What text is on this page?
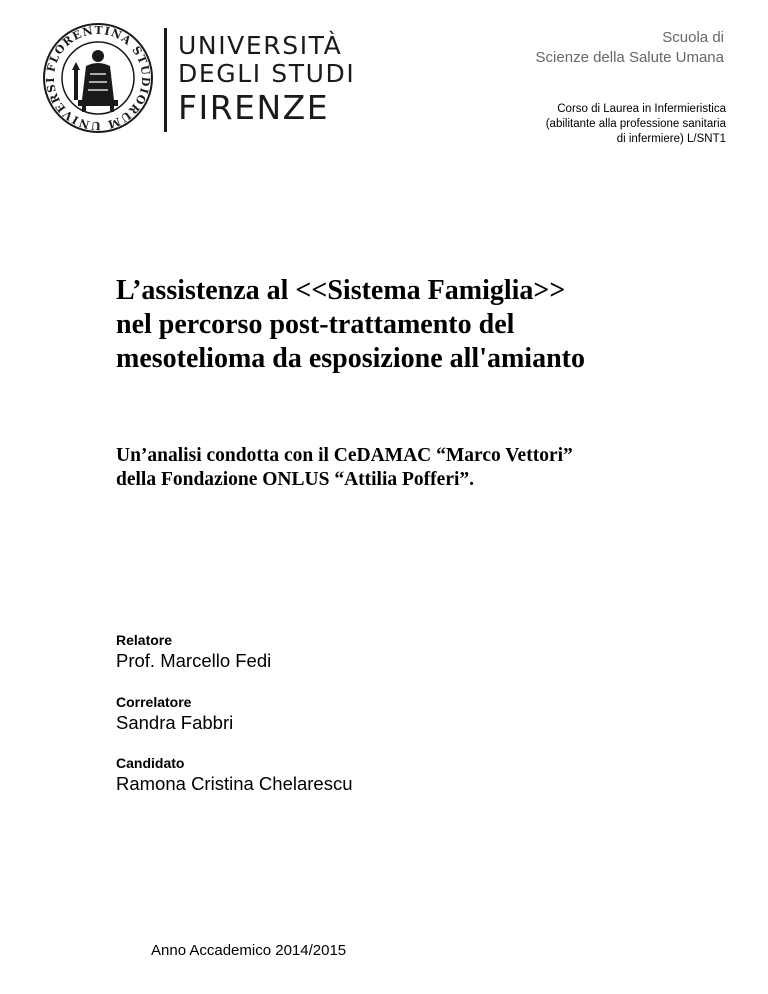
FLORENTINA STUDIORUM UNIVERSI
UNIVERSITÀ
DEGLI STUDI
FIRENZE
Scuola di
Scienze della Salute Umana
Corso di Laurea in Infermieristica
(abilitante alla professione sanitaria
di infermiere) L/SNT1
L’assistenza al <<Sistema Famiglia>>
nel percorso post-trattamento del
mesotelioma da esposizione all'amianto
Un’analisi condotta con il CeDAMAC “Marco Vettori”
della Fondazione ONLUS “Attilia Pofferi”.
Relatore
Prof. Marcello Fedi
Correlatore
Sandra Fabbri
Candidato
Ramona Cristina Chelarescu
Anno Accademico 2014/2015
